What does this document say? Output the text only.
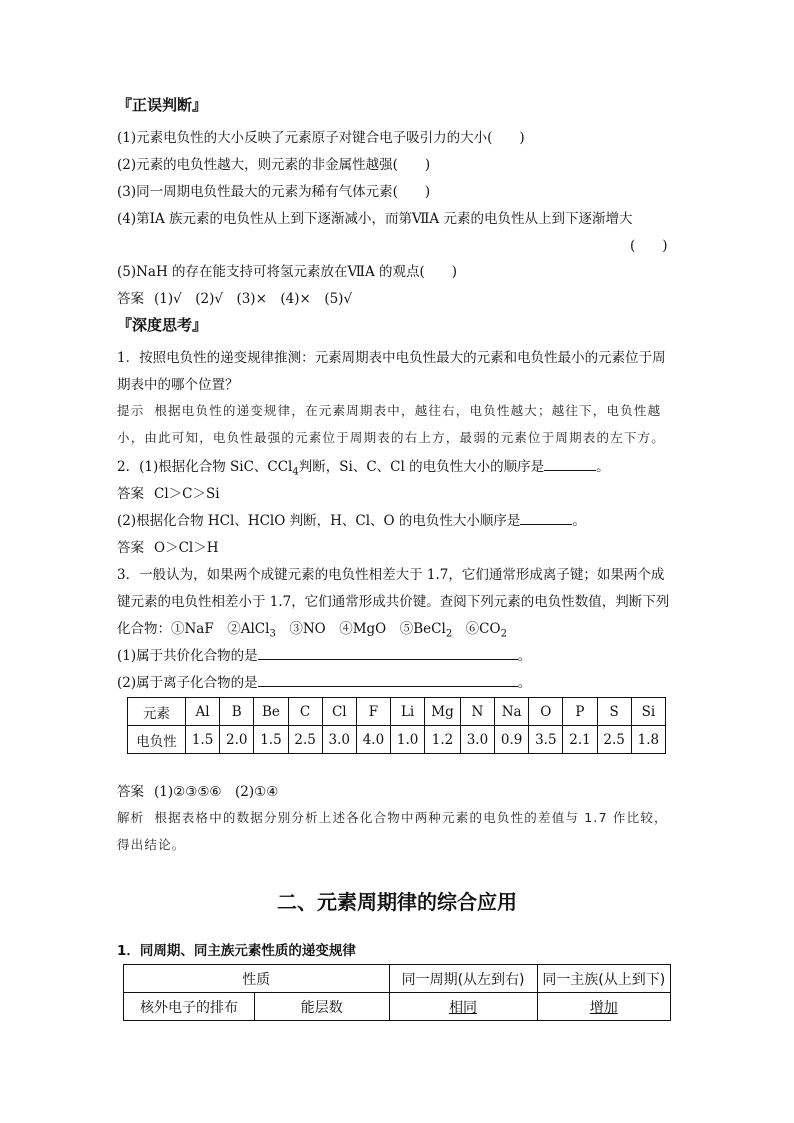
『正误判断』
(1)元素电负性的大小反映了元素原子对键合电子吸引力的大小(　　)
(2)元素的电负性越大，则元素的非金属性越强(　　)
(3)同一周期电负性最大的元素为稀有气体元素(　　)
(4)第ⅠA 族元素的电负性从上到下逐渐减小，而第ⅦA 元素的电负性从上到下逐渐增大
(　　)
(5)NaH 的存在能支持可将氢元素放在ⅦA 的观点(　　)
答案 (1)√　(2)√　(3)×　(4)×　(5)√
『深度思考』
1．按照电负性的递变规律推测：元素周期表中电负性最大的元素和电负性最小的元素位于周
期表中的哪个位置？
提示 根据电负性的递变规律，在元素周期表中，越往右，电负性越大；越往下，电负性越
小，由此可知，电负性最强的元素位于周期表的右上方，最弱的元素位于周期表的左下方。
2．(1)根据化合物 SiC、CCl$_4$判断，Si、C、Cl 的电负性大小的顺序是	。
答案 Cl＞C＞Si
(2)根据化合物 HCl、HClO 判断，H、Cl、O 的电负性大小顺序是	。
答案 O＞Cl＞H
3．一般认为，如果两个成键元素的电负性相差大于 1.7，它们通常形成离子键；如果两个成
键元素的电负性相差小于 1.7，它们通常形成共价键。查阅下列元素的电负性数值，判断下列
化合物：①NaF　②AlCl$_3$　③NO　④MgO　⑤BeCl$_2$　$⑥CO_2$
(1)属于共价化合物的是	。
(2)属于离子化合物的是	。
元素	Al	B	Be	C	Cl	F	Li	Mg	N	Na	O	P	S	Si
电负性	1.5	2.0	1.5	2.5	3.0	4.0	1.0	1.2	3.0	0.9	3.5	2.1	2.5	1.8
答案 (1)②③⑤⑥　(2)①④
解析 根据表格中的数据分别分析上述各化合物中两种元素的电负性的差值与 1.7 作比较，
得出结论。
二、元素周期律的综合应用
1．同周期、同主族元素性质的递变规律
性质		同一周期(从左到右)	同一主族(从上到下)
核外电子的排布	能层数	相同	增加
